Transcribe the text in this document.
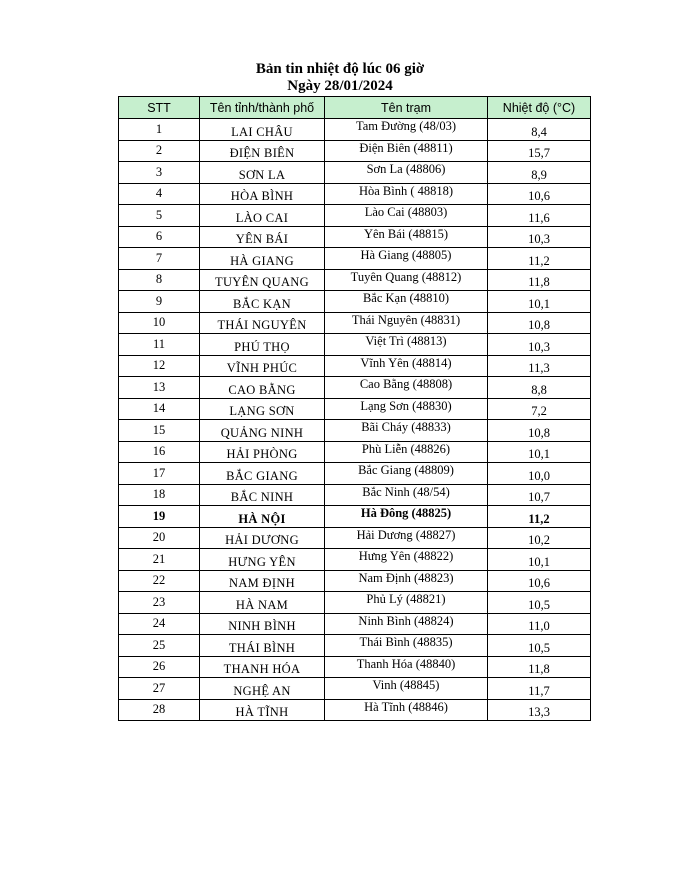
Bản tin nhiệt độ lúc 06 giờ
Ngày 28/01/2024
STT	Tên tỉnh/thành phố	Tên trạm	Nhiệt độ (°C)
1	LAI CHÂU	Tam Đường (48/03)	8,4
2	ĐIỆN BIÊN	Điện Biên (48811)	15,7
3	SƠN LA	Sơn La (48806)	8,9
4	HÒA BÌNH	Hòa Bình ( 48818)	10,6
5	LÀO CAI	Lào Cai (48803)	11,6
6	YÊN BÁI	Yên Bái (48815)	10,3
7	HÀ GIANG	Hà Giang (48805)	11,2
8	TUYÊN QUANG	Tuyên Quang (48812)	11,8
9	BẮC KẠN	Bắc Kạn (48810)	10,1
10	THÁI NGUYÊN	Thái Nguyên (48831)	10,8
11	PHÚ THỌ	Việt Trì (48813)	10,3
12	VĨNH PHÚC	Vĩnh Yên (48814)	11,3
13	CAO BẰNG	Cao Bằng (48808)	8,8
14	LẠNG SƠN	Lạng Sơn (48830)	7,2
15	QUẢNG NINH	Bãi Cháy (48833)	10,8
16	HẢI PHÒNG	Phù Liễn (48826)	10,1
17	BẮC GIANG	Bắc Giang (48809)	10,0
18	BẮC NINH	Bắc Ninh (48/54)	10,7
19	HÀ NỘI	Hà Đông (48825)	11,2
20	HẢI DƯƠNG	Hải Dương (48827)	10,2
21	HƯNG YÊN	Hưng Yên (48822)	10,1
22	NAM ĐỊNH	Nam Định (48823)	10,6
23	HÀ NAM	Phủ Lý (48821)	10,5
24	NINH BÌNH	Ninh Bình (48824)	11,0
25	THÁI BÌNH	Thái Bình (48835)	10,5
26	THANH HÓA	Thanh Hóa (48840)	11,8
27	NGHỆ AN	Vinh (48845)	11,7
28	HÀ TĨNH	Hà Tĩnh (48846)	13,3
